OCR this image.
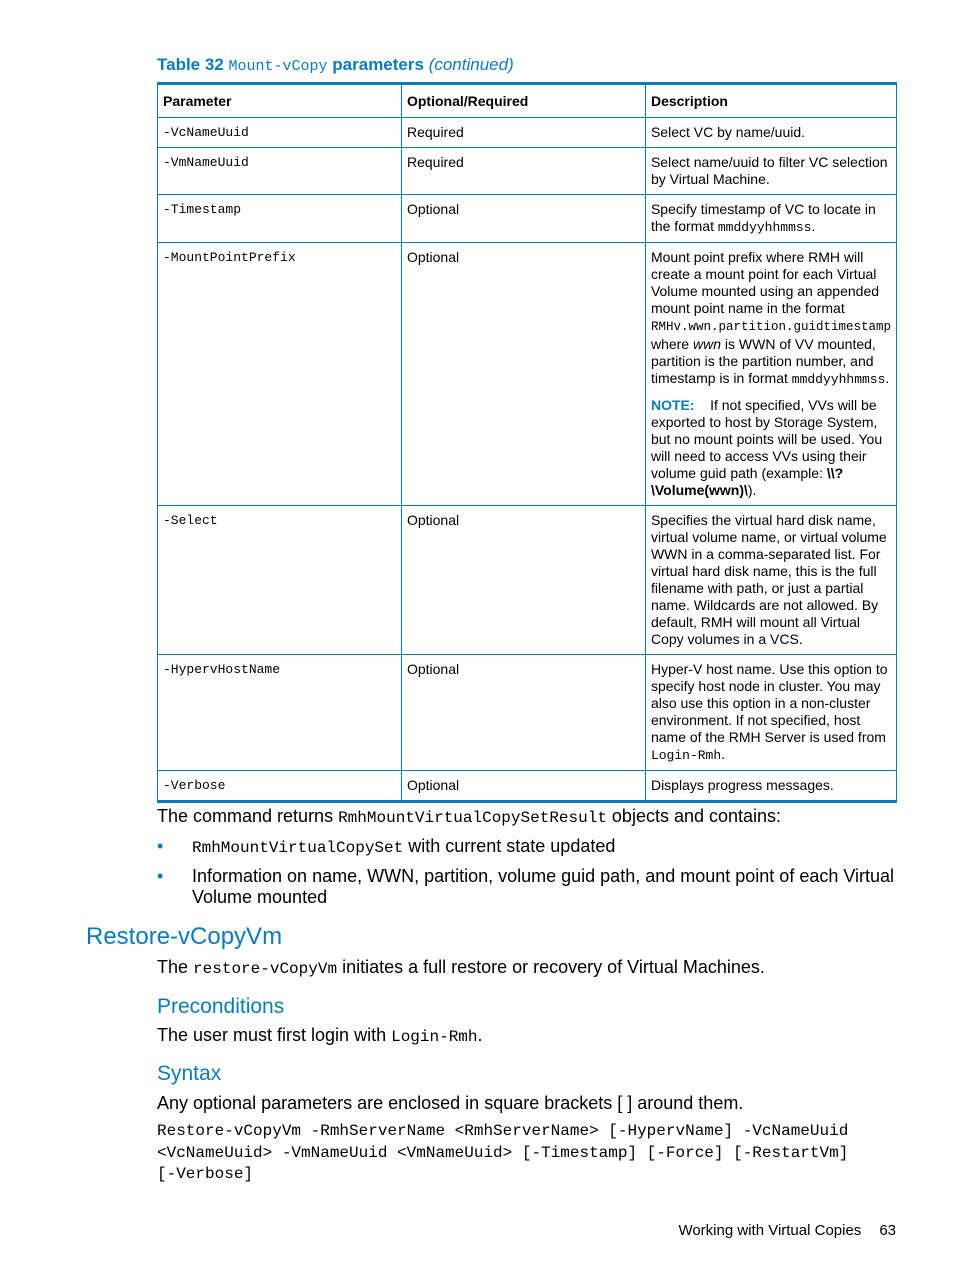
Table 32 Mount-vCopy parameters (continued)
Parameter	Optional/Required	Description
-VcNameUuid	Required	Select VC by name/uuid.
-VmNameUuid	Required	Select name/uuid to filter VC selection by Virtual Machine.
-Timestamp	Optional	Specify timestamp of VC to locate in the format mmddyyhhmmss.
-MountPointPrefix	Optional	Mount point prefix where RMH will create a mount point for each Virtual Volume mounted using an appended mount point name in the format RMHv.wwn.partition.guidtimestamp where wwn is WWN of VV mounted, partition is the partition number, and timestamp is in format mmddyyhhmmss.

NOTE: If not specified, VVs will be exported to host by Storage System, but no mount points will be used. You will need to access VVs using their volume guid path (example: \\?\Volume(wwn)\).

-Select	Optional	Specifies the virtual hard disk name, virtual volume name, or virtual volume WWN in a comma-separated list. For virtual hard disk name, this is the full filename with path, or just a partial name. Wildcards are not allowed. By default, RMH will mount all Virtual Copy volumes in a VCS.
-HypervHostName	Optional	Hyper-V host name. Use this option to specify host node in cluster. You may also use this option in a non-cluster environment. If not specified, host name of the RMH Server is used from Login-Rmh.
-Verbose	Optional	Displays progress messages.
The command returns RmhMountVirtualCopySetResult objects and contains:
• RmhMountVirtualCopySet with current state updated
• Information on name, WWN, partition, volume guid path, and mount point of each Virtual
Volume mounted
Restore-vCopyVm
The restore-vCopyVm initiates a full restore or recovery of Virtual Machines.
Preconditions
The user must first login with Login-Rmh.
Syntax
Any optional parameters are enclosed in square brackets [ ] around them.
Restore-vCopyVm -RmhServerName <RmhServerName> [-HypervName] -VcNameUuid
<VcNameUuid> -VmNameUuid <VmNameUuid> [-Timestamp] [-Force] [-RestartVm]
[-Verbose]
Working with Virtual Copies 63
